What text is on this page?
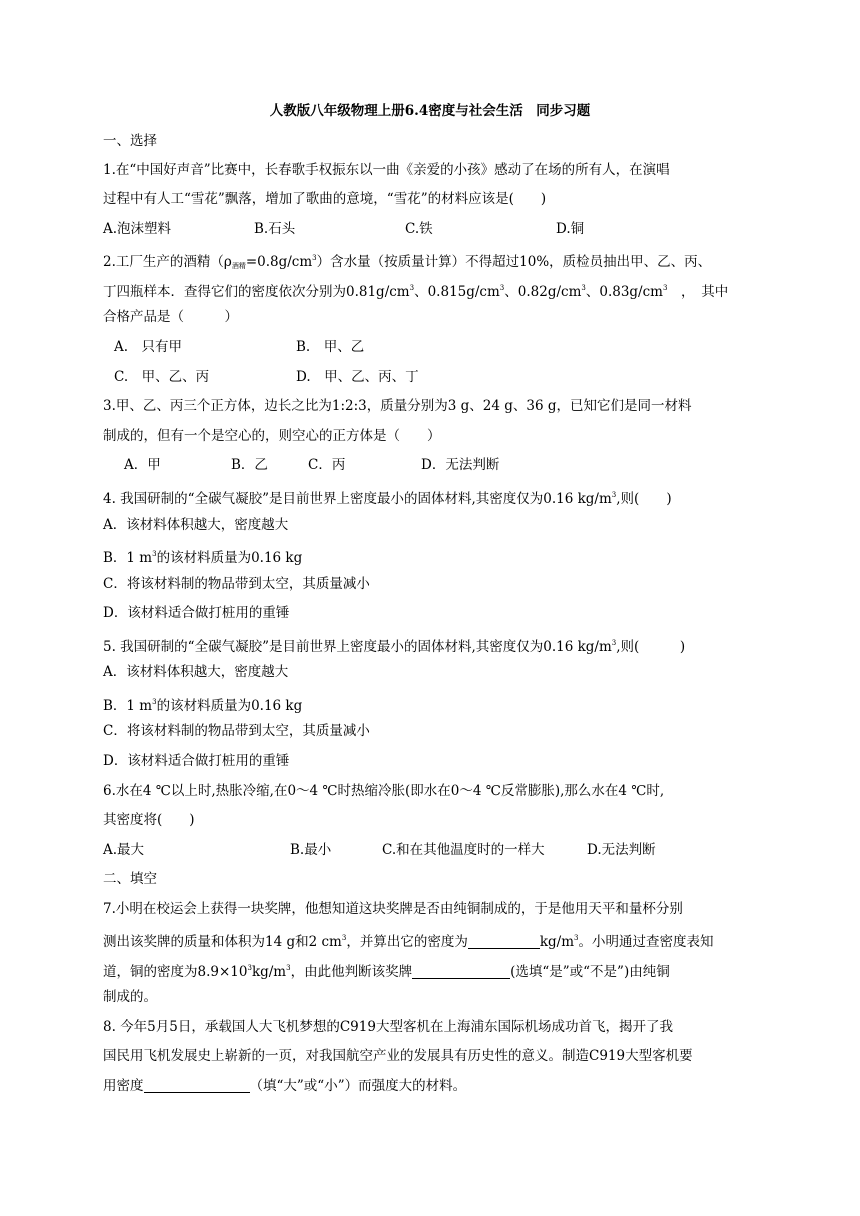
人教版八年级物理上册6.4密度与社会生活　同步习题
一、选择
1.在“中国好声音”比赛中，长春歌手权振东以一曲《亲爱的小孩》感动了在场的所有人，在演唱
过程中有人工“雪花”飘落，增加了歌曲的意境，“雪花”的材料应该是(　　)
A.泡沫塑料	B.石头	C.铁	D.铜
2.工厂生产的酒精$(\rho_{酒精}=0.8g/cm^3)$含水量（按质量计算）不得超过10%，质检员抽出甲、乙、丙、
丁四瓶样本．查得它们的密度依次分别为$0.81g/cm^3$、$0.815g/cm^3$、$0.82g/cm^3$、$0.83g/cm^3$　，　其中
合格产品是（　　　）
A.　只有甲	B.　甲、乙
C.　甲、乙、丙	D.　甲、乙、丙、丁
3.甲、乙、丙三个正方体，边长之比为1:2:3，质量分别为3 g、24 g、36 g，已知它们是同一材料
制成的，但有一个是空心的，则空心的正方体是（　　）
A．甲	B．乙	C．丙	D．无法判断
4. 我国研制的“全碳气凝胶”是目前世界上密度最小的固体材料,其密度仅为0.16 $kg/m^3$,则(　　)
A．该材料体积越大，密度越大
B．1 $m^3$的该材料质量为0.16 kg
C．将该材料制的物品带到太空，其质量减小
D．该材料适合做打桩用的重锤
5. 我国研制的“全碳气凝胶”是目前世界上密度最小的固体材料,其密度仅为0.16 $kg/m^3$,则(　　　)
A．该材料体积越大，密度越大
B．1 $m^3$的该材料质量为0.16 kg
C．将该材料制的物品带到太空，其质量减小
D．该材料适合做打桩用的重锤
6.水在4 ℃以上时,热胀冷缩,在0～4 ℃时热缩冷胀(即水在0～4 ℃反常膨胀),那么水在4 ℃时,
其密度将(　　)
A.最大	B.最小	C.和在其他温度时的一样大	D.无法判断
二、填空
7.小明在校运会上获得一块奖牌，他想知道这块奖牌是否由纯铜制成的，于是他用天平和量杯分别
测出该奖牌的质量和体积为14 g和2 $cm^3$，并算出它的密度为	$kg/m^3$。小明通过查密度表知
道，铜的密度为$8.9\times 10^3kg/m^3$，由此他判断该奖牌	(选填“是”或“不是”)由纯铜
制成的。
8. 今年5月5日，承载国人大飞机梦想的C919大型客机在上海浦东国际机场成功首飞，揭开了我
国民用飞机发展史上崭新的一页，对我国航空产业的发展具有历史性的意义。制造C919大型客机要
用密度	（填“大”或“小”）而强度大的材料。
